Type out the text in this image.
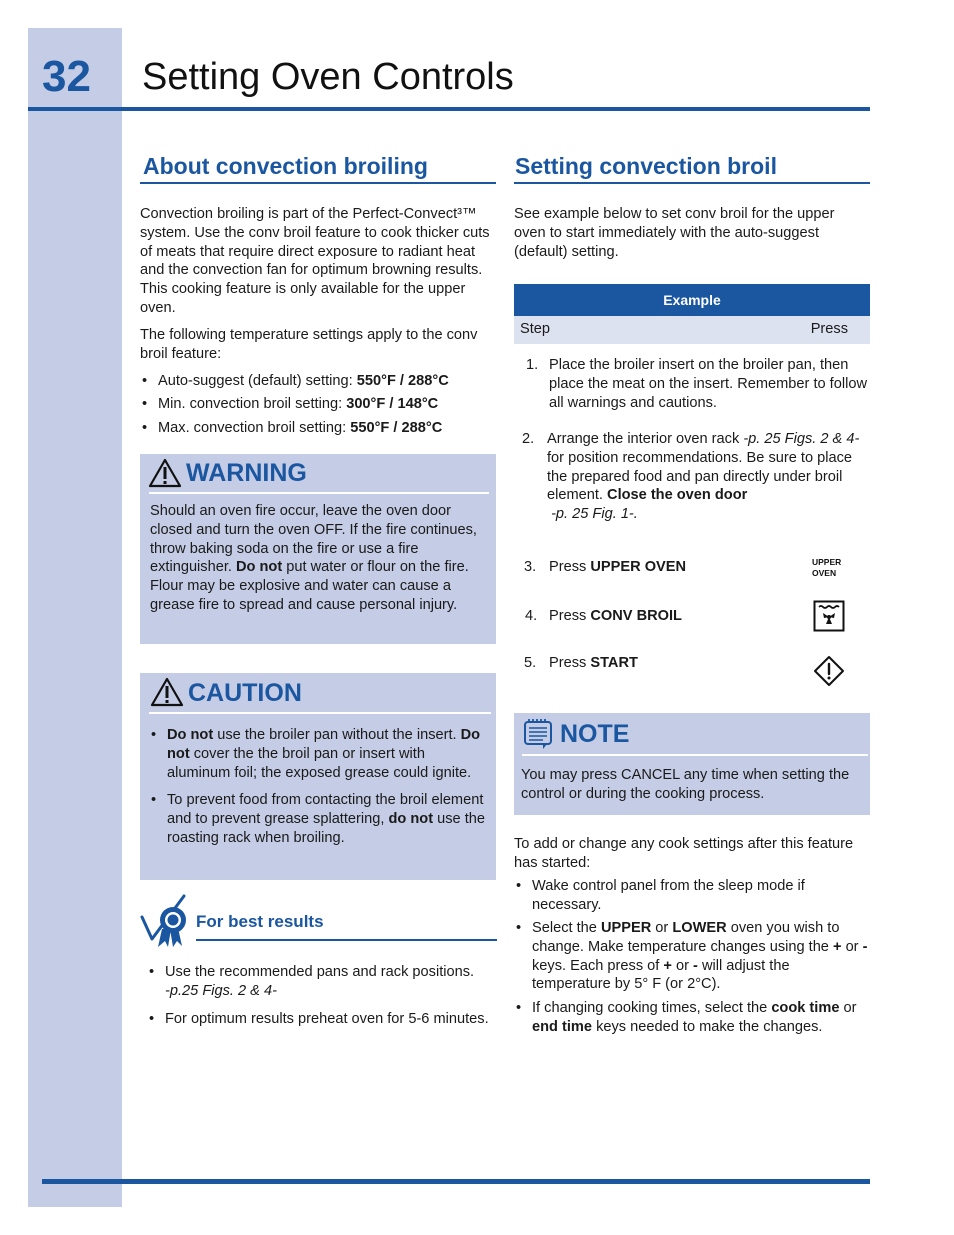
32 Setting Oven Controls
About convection broiling

Convection broiling is part of the Perfect-Convect³™ system. Use the conv broil feature to cook thicker cuts of meats that require direct exposure to radiant heat and the convection fan for optimum browning results. This cooking feature is only available for the upper oven.

The following temperature settings apply to the conv broil feature:

• Auto-suggest (default) setting: 550°F / 288°C
• Min. convection broil setting: 300°F / 148°C
• Max. convection broil setting: 550°F / 288°C
WARNING

Should an oven fire occur, leave the oven door closed and turn the oven OFF. If the fire continues, throw baking soda on the fire or use a fire extinguisher. Do not put water or flour on the fire. Flour may be explosive and water can cause a grease fire to spread and cause personal injury.

CAUTION
• Do not use the broiler pan without the insert. Do not cover the the broil pan or insert with aluminum foil; the exposed grease could ignite.
• To prevent food from contacting the broil element and to prevent grease splattering, do not use the roasting rack when broiling.
For best results
• Use the recommended pans and rack positions.
-p.25 Figs. 2 & 4-
• For optimum results preheat oven for 5-6 minutes.
Setting convection broil

See example below to set conv broil for the upper oven to start immediately with the auto-suggest (default) setting.

Example
Step	Press
1. Place the broiler insert on the broiler pan, then place the meat on the insert. Remember to follow all warnings and cautions.
2. Arrange the interior oven rack -p. 25 Figs. 2 & 4- for position recommendations. Be sure to place the prepared food and pan directly under broil element. Close the oven door
-p. 25 Fig. 1-.
3. Press UPPER OVEN	UPPER
OVEN
4. Press CONV BROIL
5. Press START
NOTE

You may press CANCEL any time when setting the control or during the cooking process.

To add or change any cook settings after this feature has started:

• Wake control panel from the sleep mode if necessary.
• Select the UPPER or LOWER oven you wish to change. Make temperature changes using the + or - keys. Each press of + or - will adjust the temperature by 5° F (or 2°C).
• If changing cooking times, select the cook time or end time keys needed to make the changes.
